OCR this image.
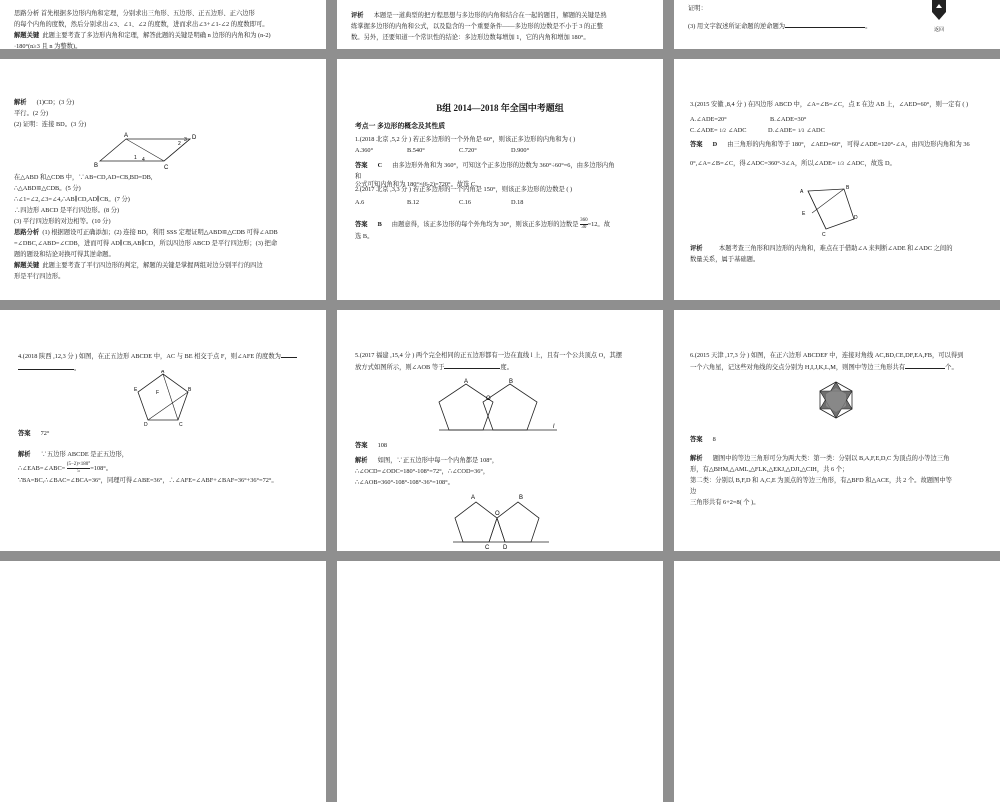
思路分析 首先根据多边形内角和定理，分别求出三角形、五边形、正五边形、正六边形

的每个内角的度数，然后分别求出∠3、∠1、∠2 的度数，进而求出∠3+∠1-∠2 的度数即可。

解题关键 此题主要考查了多边形内角和定理，解答此题的关键是明确 n 边形的内角和为 (n-2)

·180°(n≥3 且 n 为整数)。

评析 本题是一道典型的把方程思想与多边形的内角和结合在一起的题目，解题的关键是熟

练掌握多边形的内角和公式，以及隐含的一个重要条件——多边形的边数是不小于 3 的正整

数。另外，还要知道一个常识性的结论：多边形边数每增加 1，它的内角和增加 180°。

证明：

(3) 用文字叙述所证命题的逆命题为	。

返回

解析 (1)CD；(3 分)

平行。(2 分)

(2) 证明：连接 BD。(3 分)

A
B	C
D
1
2
3
4

在△ABD 和△CDB 中，∵AB=CD,AD=CB,BD=DB,

∴△ABD≌△CDB。(5 分)

∴∠1=∠2,∠3=∠4,∴AB∥CD,AD∥CB。(7 分)

∴四边形 ABCD 是平行四边形。(8 分)

(3) 平行四边形的对边相等。(10 分)

思路分析 (1) 根据题设可正确添加；(2) 连接 BD，利用 SSS 定理证明△ABD≌△CDB 可得∠ADB

=∠DBC,∠ABD=∠CDB，进而可得 AD∥CB,AB∥CD，所以四边形 ABCD 是平行四边形；(3) 把命

题的题设和结论对换可得其逆命题。

解题关键 此题主要考查了平行四边形的判定，解题的关键是掌握两组对边分别平行的四边

形是平行四边形。

B组 2014—2018 年全国中考题组

考点一 多边形的概念及其性质

1.(2018 北京 ,5,2 分 ) 若正多边形的一个外角是 60°，则该正多边形的内角和为 ( )

A.360°	B.540°	C.720°	D.900°

答案 C 由多边形外角和为 360°，可知这个正多边形的边数为 360°÷60°=6，由多边形内角

和

公式可知内角和为 180°×(6-2)=720°。故选 C。

2.(2017 北京 ,3,3 分 ) 若正多边形的一个内角是 150°，则该正多边形的边数是 ( )

A.6	B.12	C.16	D.18

答案 B 由题意得，该正多边形的每个外角均为 30°，则该正多边形的边数是 $\frac{360}{30} =12$。故

选 B。

3.(2015 安徽 ,8,4 分 ) 在四边形 ABCD 中，∠A=∠B=∠C，点 E 在边 AB 上，∠AED=60°，则一定有 ( )

A.∠ADE=20°	B.∠ADE=30°

C.∠ADE= 1/2 ∠ADC	D.∠ADE= 1/3 ∠ADC

答案 D 由三角形的内角和等于 180°，∠AED=60°，可得∠ADE=120°-∠A，由四边形内角和为 36

0°,∠A=∠B=∠C，得∠ADC=360°-3∠A，所以∠ADE= 1/3 ∠ADC，故选 D。

A
B
C
D
E

评析	本题考查三角形和四边形的内角和，难点在于借助∠A 来判断∠ADE 和∠ADC 之间的

数量关系，属于基础题。

4.(2018 陕西 ,12,3 分 ) 如图，在正五边形 ABCDE 中，AC 与 BE 相交于点 F，则∠AFE 的度数为

。	A
B
C
D
E	F

答案 72°

解析 ∵五边形 ABCDE 是正五边形，

∴∠EAB=∠ABC= $\frac{(5-2)\times 180^\circ}{5} =108^\circ$。

∵BA=BC,∴∠BAC=∠BCA=36°，同理可得∠ABE=36°，∴∠AFE=∠ABF+∠BAF=36°+36°=72°。

5.(2017 福建 ,15,4 分 ) 两个完全相同的正五边形都有一边在直线 l 上，且有一个公共顶点 O，其摆

放方式如图所示，则∠AOB 等于	度。

A	B
O
l

答案 108

解析 如图，∵正五边形中每一个内角都是 108°，

∴∠OCD=∠ODC=180°-108°=72°，∴∠COD=36°，

∴∠AOB=360°-108°-108°-36°=108°。

A	B
O
C D

6.(2015 天津 ,17,3 分 ) 如图，在正六边形 ABCDEF 中，连接对角线 AC,BD,CE,DF,EA,FB，可以得到

一个六角星，记这些对角线的交点分别为 H,I,J,K,L,M，则图中等边三角形共有	个。

答案 8

解析 题图中的等边三角形可分为两大类：第一类：分别以 B,A,F,E,D,C 为顶点的小等边三角

形，有△BHM,△AML,△FLK,△EKJ,△DJI,△CIH，共 6 个；

第二类：分别以 B,F,D 和 A,C,E 为顶点的等边三角形，有△BFD 和△ACE，共 2 个。故题图中等

边

三角形共有 6+2=8( 个 )。
